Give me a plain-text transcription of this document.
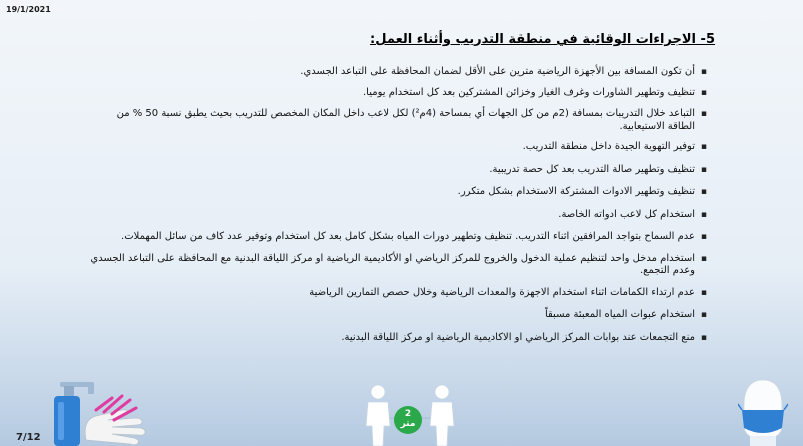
19/1/2021
5- الاجراءات الوقائية في منطقة التدريب وأثناء العمل:
▪ أن تكون المسافة بين الأجهزة الرياضية مترين على الأقل لضمان المحافظة على التباعد الجسدي.
▪ تنظيف وتطهير الشاورات وغرف الغيار وخزائن المشتركين بعد كل استخدام يوميا.
▪ التباعد خلال التدريبات بمسافة (2م من كل الجهات أي بمساحة (4م²) لكل لاعب داخل المكان المخصص للتدريب بحيث يطبق نسبة 50 % من الطاقة الاستيعابية.
▪ توفير التهوية الجيدة داخل منطقة التدريب.
▪ تنظيف وتطهير صالة التدريب بعد كل حصة تدريبية.
▪ تنظيف وتطهير الادوات المشتركة الاستخدام بشكل متكرر.
▪ استخدام كل لاعب ادواته الخاصة.
▪ عدم السماح بتواجد المرافقين اثناء التدريب. تنظيف وتطهير دورات المياه بشكل كامل بعد كل استخدام وتوفير عدد كاف من سائل المهملات.
▪ استخدام مدخل واحد لتنظيم عملية الدخول والخروج للمركز الرياضي او الأكاديمية الرياضية او مركز اللياقة البدنية مع المحافظة على التباعد الجسدي وعدم التجمع.
▪ عدم ارتداء الكمامات اثناء استخدام الاجهزة والمعدات الرياضية وخلال حصص التمارين الرياضية
▪ استخدام عبوات المياه المعبئة مسبقاً
▪ منع التجمعات عند بوابات المركز الرياضي او الاكاديمية الرياضية او مركز اللياقة البدنية.
2
متر
7/12
